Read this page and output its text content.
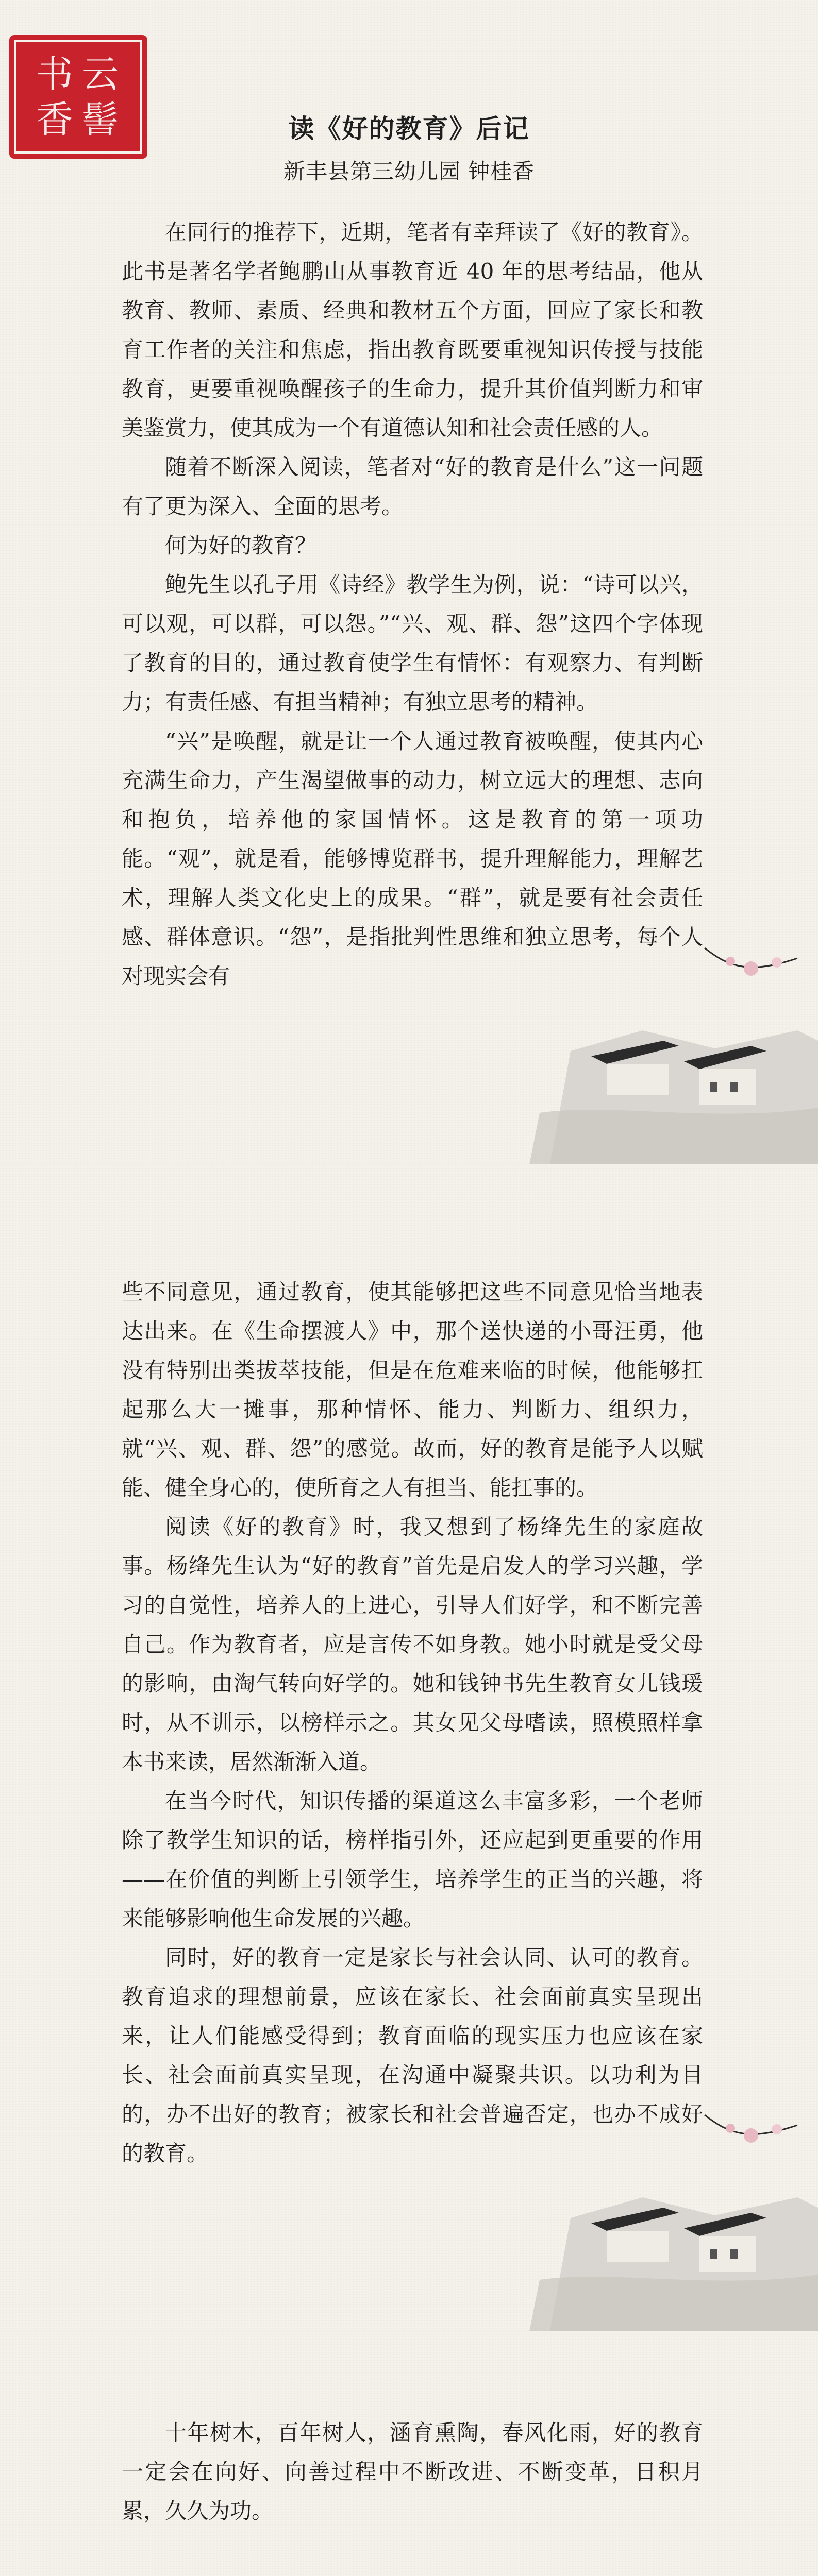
书 云
香 髻	读《好的教育》后记
新丰县第三幼儿园 钟桂香

在同行的推荐下，近期，笔者有幸拜读了《好的教育》。此书是著名学者鲍鹏山从事教育近 40 年的思考结晶，他从教育、教师、素质、经典和教材五个方面，回应了家长和教育工作者的关注和焦虑，指出教育既要重视知识传授与技能教育，更要重视唤醒孩子的生命力，提升其价值判断力和审美鉴赏力，使其成为一个有道德认知和社会责任感的人。

随着不断深入阅读，笔者对“好的教育是什么”这一问题有了更为深入、全面的思考。

何为好的教育？

鲍先生以孔子用《诗经》教学生为例，说：“诗可以兴，可以观，可以群，可以怨。”“兴、观、群、怨”这四个字体现了教育的目的，通过教育使学生有情怀：有观察力、有判断力；有责任感、有担当精神；有独立思考的精神。

“兴”是唤醒，就是让一个人通过教育被唤醒，使其内心充满生命力，产生渴望做事的动力，树立远大的理想、志向和抱负，培养他的家国情怀。这是教育的第一项功能。“观”，就是看，能够博览群书，提升理解能力，理解艺术，理解人类文化史上的成果。“群”，就是要有社会责任感、群体意识。“怨”，是指批判性思维和独立思考，每个人对现实会有

些不同意见，通过教育，使其能够把这些不同意见恰当地表达出来。在《生命摆渡人》中，那个送快递的小哥汪勇，他没有特别出类拔萃技能，但是在危难来临的时候，他能够扛起那么大一摊事，那种情怀、能力、判断力、组织力，就“兴、观、群、怨”的感觉。故而，好的教育是能予人以赋能、健全身心的，使所育之人有担当、能扛事的。

阅读《好的教育》时，我又想到了杨绛先生的家庭故事。杨绛先生认为“好的教育”首先是启发人的学习兴趣，学习的自觉性，培养人的上进心，引导人们好学，和不断完善自己。作为教育者，应是言传不如身教。她小时就是受父母的影响，由淘气转向好学的。她和钱钟书先生教育女儿钱瑗时，从不训示，以榜样示之。其女见父母嗜读，照模照样拿本书来读，居然渐渐入道。

在当今时代，知识传播的渠道这么丰富多彩，一个老师除了教学生知识的话，榜样指引外，还应起到更重要的作用——在价值的判断上引领学生，培养学生的正当的兴趣，将来能够影响他生命发展的兴趣。

同时，好的教育一定是家长与社会认同、认可的教育。教育追求的理想前景，应该在家长、社会面前真实呈现出来，让人们能感受得到；教育面临的现实压力也应该在家长、社会面前真实呈现，在沟通中凝聚共识。以功利为目的，办不出好的教育；被家长和社会普遍否定，也办不成好的教育。

十年树木，百年树人，涵育熏陶，春风化雨，好的教育一定会在向好、向善过程中不断改进、不断变革，日积月累，久久为功。
